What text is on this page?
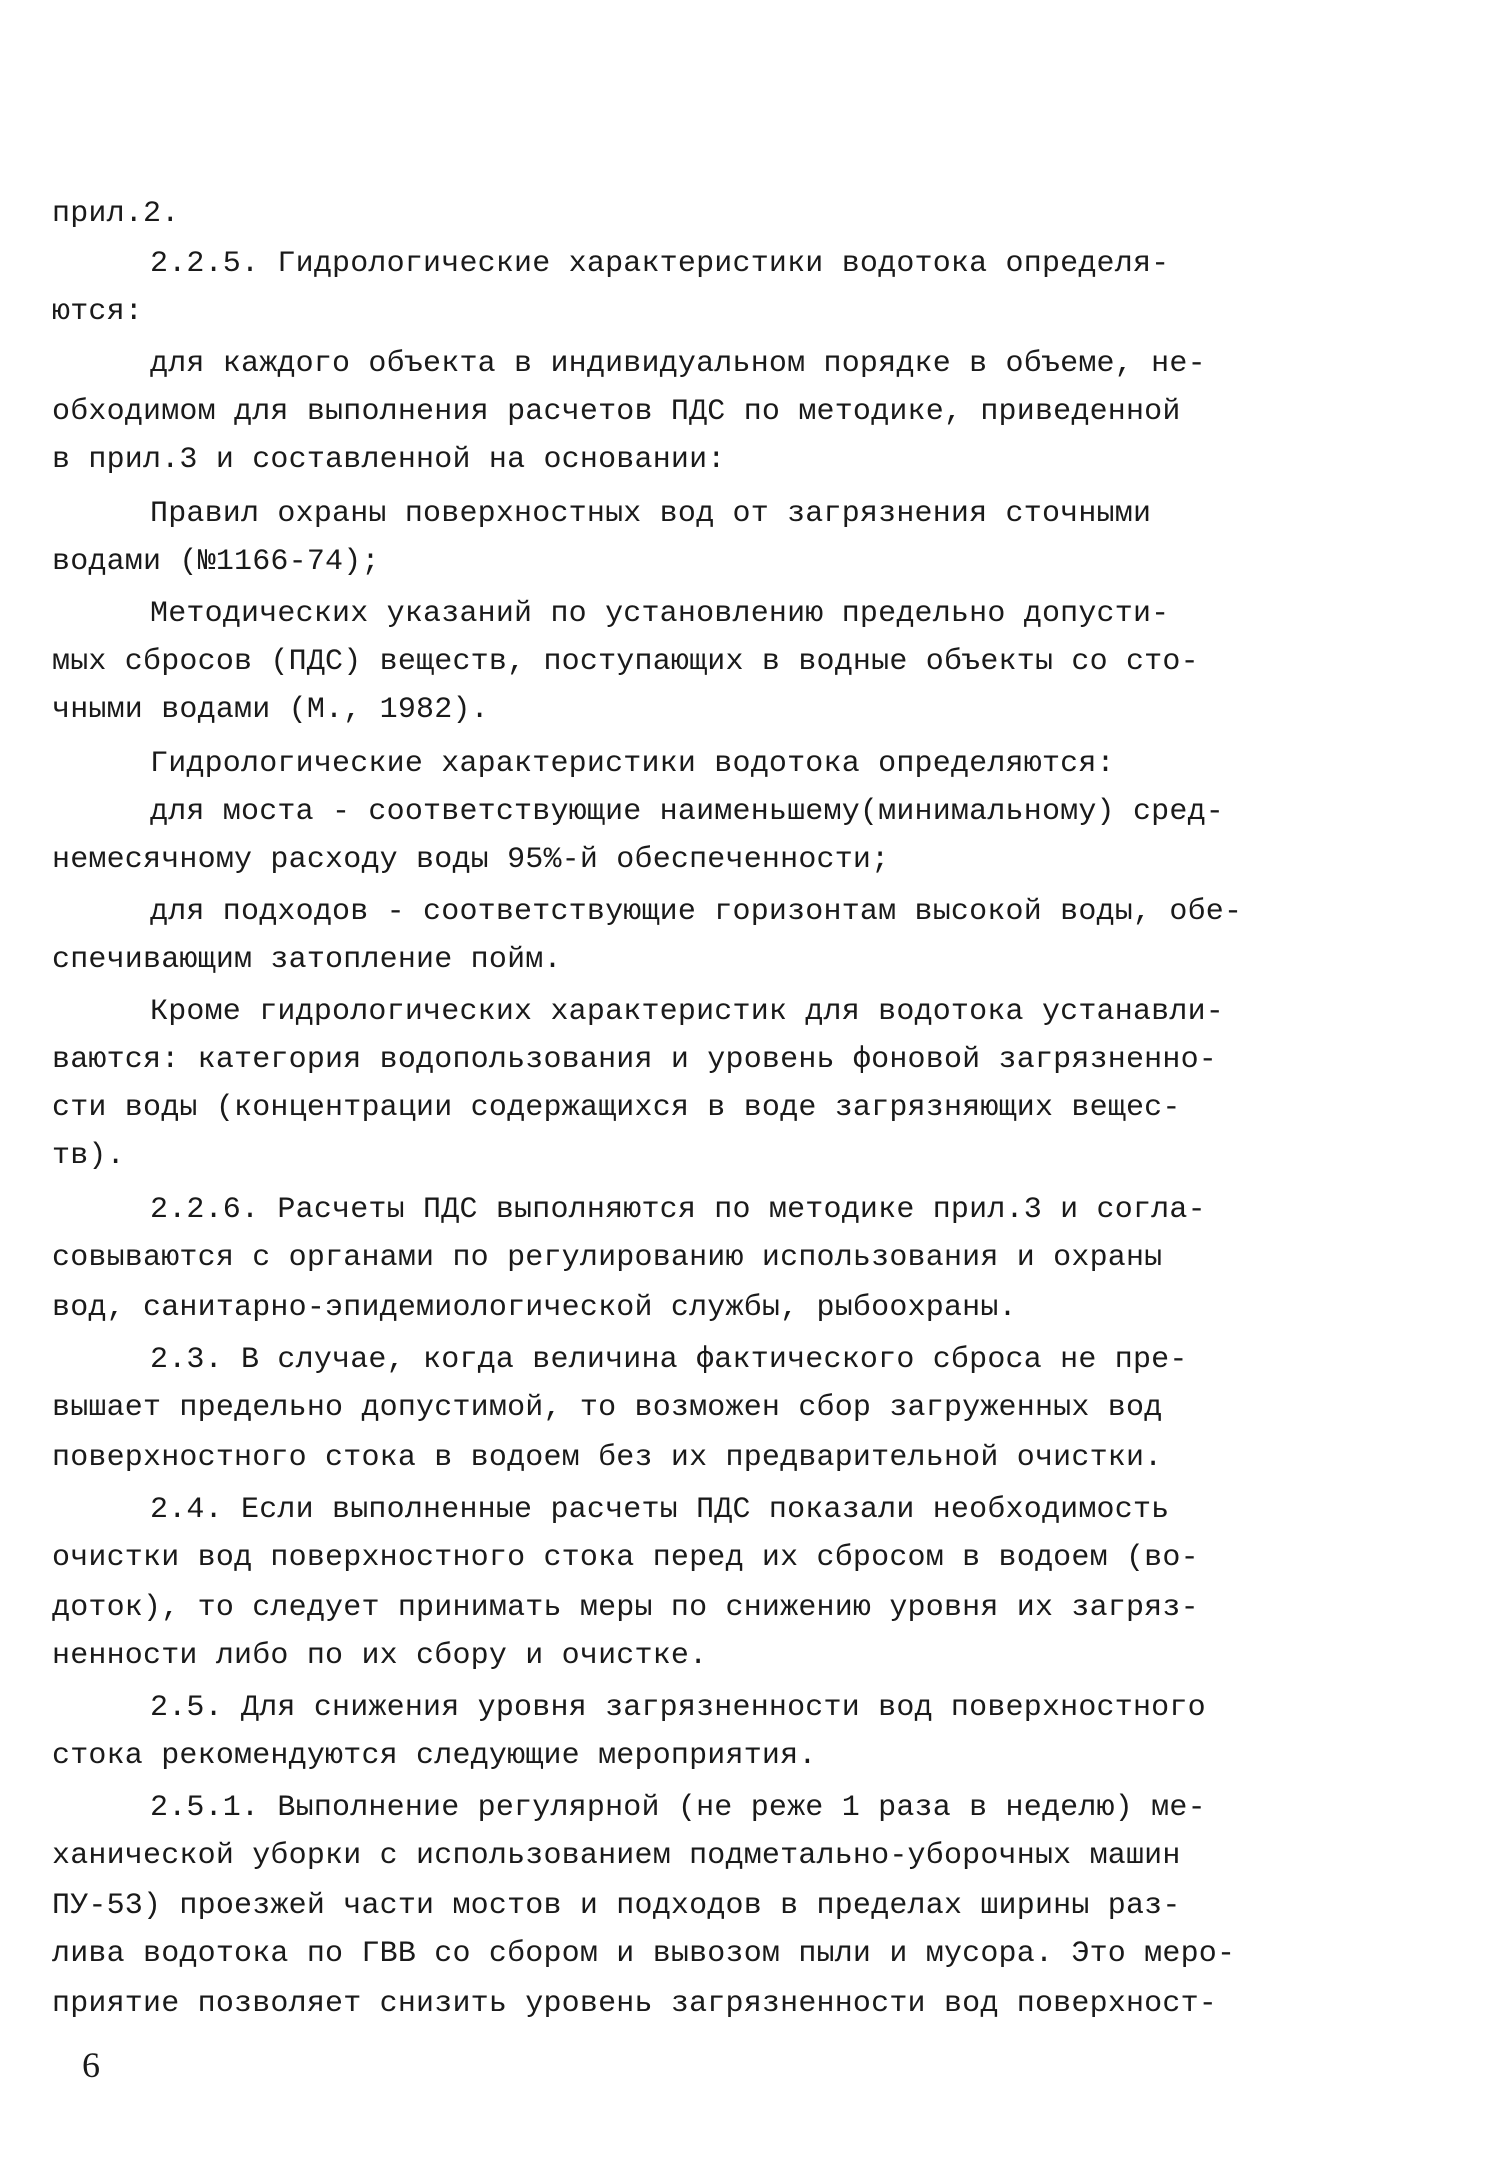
прил.2.
2.2.5. Гидрологические характеристики водотока определя-
ются:
для каждого объекта в индивидуальном порядке в объеме, не-
обходимом для выполнения расчетов ПДС по методике, приведенной
в прил.3 и составленной на основании:
Правил охраны поверхностных вод от загрязнения сточными
водами (№1166-74);
Методических указаний по установлению предельно допусти-
мых сбросов (ПДС) веществ, поступающих в водные объекты со сто-
чными водами (М., 1982).
Гидрологические характеристики водотока определяются:
для моста - соответствующие наименьшему(минимальному) сред-
немесячному расходу воды 95%-й обеспеченности;
для подходов - соответствующие горизонтам высокой воды, обе-
спечивающим затопление пойм.
Кроме гидрологических характеристик для водотока устанавли-
ваются: категория водопользования и уровень фоновой загрязненно-
сти воды (концентрации содержащихся в воде загрязняющих вещес-
тв).
2.2.6. Расчеты ПДС выполняются по методике прил.3 и согла-
совываются с органами по регулированию использования и охраны
вод, санитарно-эпидемиологической службы, рыбоохраны.
2.3. В случае, когда величина фактического сброса не пре-
вышает предельно допустимой, то возможен сбор загруженных вод
поверхностного стока в водоем без их предварительной очистки.
2.4. Если выполненные расчеты ПДС показали необходимость
очистки вод поверхностного стока перед их сбросом в водоем (во-
доток), то следует принимать меры по снижению уровня их загряз-
ненности либо по их сбору и очистке.
2.5. Для снижения уровня загрязненности вод поверхностного
стока рекомендуются следующие мероприятия.
2.5.1. Выполнение регулярной (не реже 1 раза в неделю) ме-
ханической уборки с использованием подметально-уборочных машин
ПУ-53) проезжей части мостов и подходов в пределах ширины раз-
лива водотока по ГВВ со сбором и вывозом пыли и мусора. Это меро-
приятие позволяет снизить уровень загрязненности вод поверхност-
6
